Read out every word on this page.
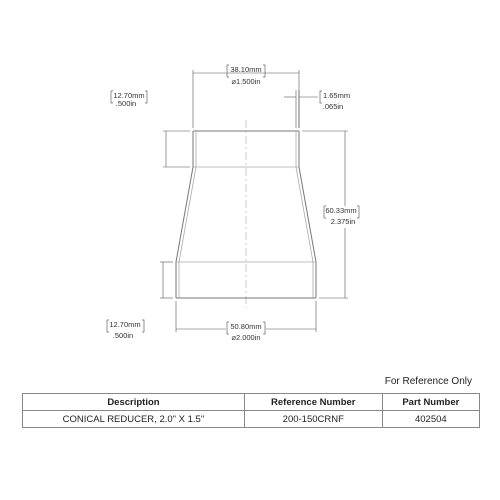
38.10mm
⌀1.500in
1.65mm
.065in
12.70mm
.500in
60.33mm
2.375in
12.70mm
.500in
50.80mm
⌀2.000in
For Reference Only
Description	Reference Number	Part Number
CONICAL REDUCER, 2.0" X 1.5"	200-150CRNF	402504
